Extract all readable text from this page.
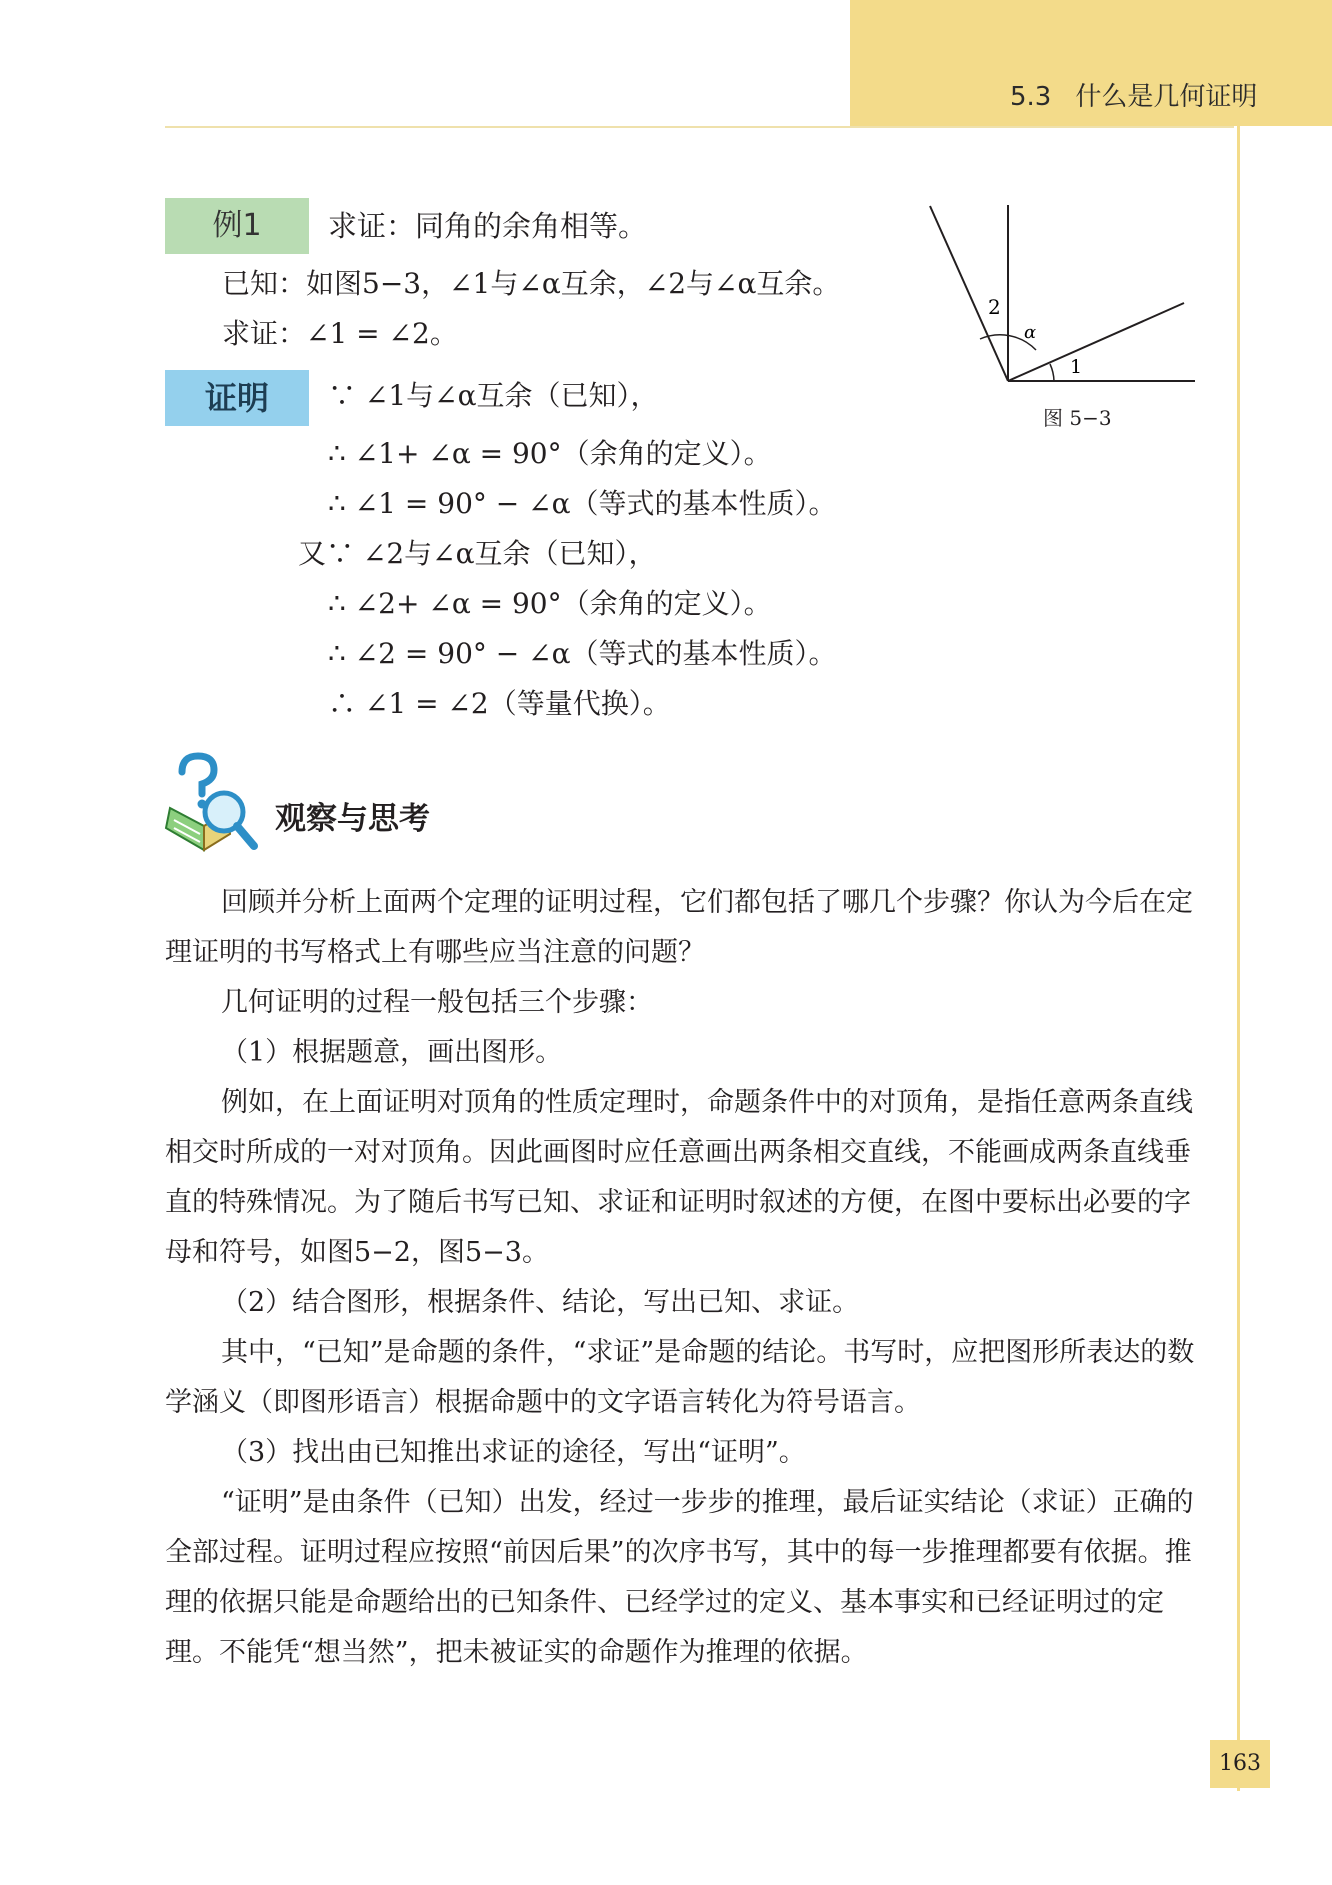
5.3 什么是几何证明
例1	求证：同角的余角相等。
已知：如图5−3，∠1与∠α互余，∠2与∠α互余。
求证：∠1 = ∠2。
证明	∵ ∠1与∠α互余（已知），
∴ ∠1+ ∠α = 90°（余角的定义）。
∴ ∠1 = 90° − ∠α（等式的基本性质）。
又∵ ∠2与∠α互余（已知），
∴ ∠2+ ∠α = 90°（余角的定义）。
∴ ∠2 = 90° − ∠α（等式的基本性质）。
∴ ∠1 = ∠2（等量代换）。
2
α
1
图 5−3
观察与思考

回顾并分析上面两个定理的证明过程，它们都包括了哪几个步骤？你认为今后在定理证明的书写格式上有哪些应当注意的问题？

几何证明的过程一般包括三个步骤：

（1）根据题意，画出图形。

例如，在上面证明对顶角的性质定理时，命题条件中的对顶角，是指任意两条直线相交时所成的一对对顶角。因此画图时应任意画出两条相交直线，不能画成两条直线垂直的特殊情况。为了随后书写已知、求证和证明时叙述的方便，在图中要标出必要的字母和符号，如图5−2，图5−3。

（2）结合图形，根据条件、结论，写出已知、求证。

其中，“已知”是命题的条件，“求证”是命题的结论。书写时，应把图形所表达的数学涵义（即图形语言）根据命题中的文字语言转化为符号语言。

（3）找出由已知推出求证的途径，写出“证明”。

“证明”是由条件（已知）出发，经过一步步的推理，最后证实结论（求证）正确的全部过程。证明过程应按照“前因后果”的次序书写，其中的每一步推理都要有依据。推理的依据只能是命题给出的已知条件、已经学过的定义、基本事实和已经证明过的定理。不能凭“想当然”，把未被证实的命题作为推理的依据。

163
